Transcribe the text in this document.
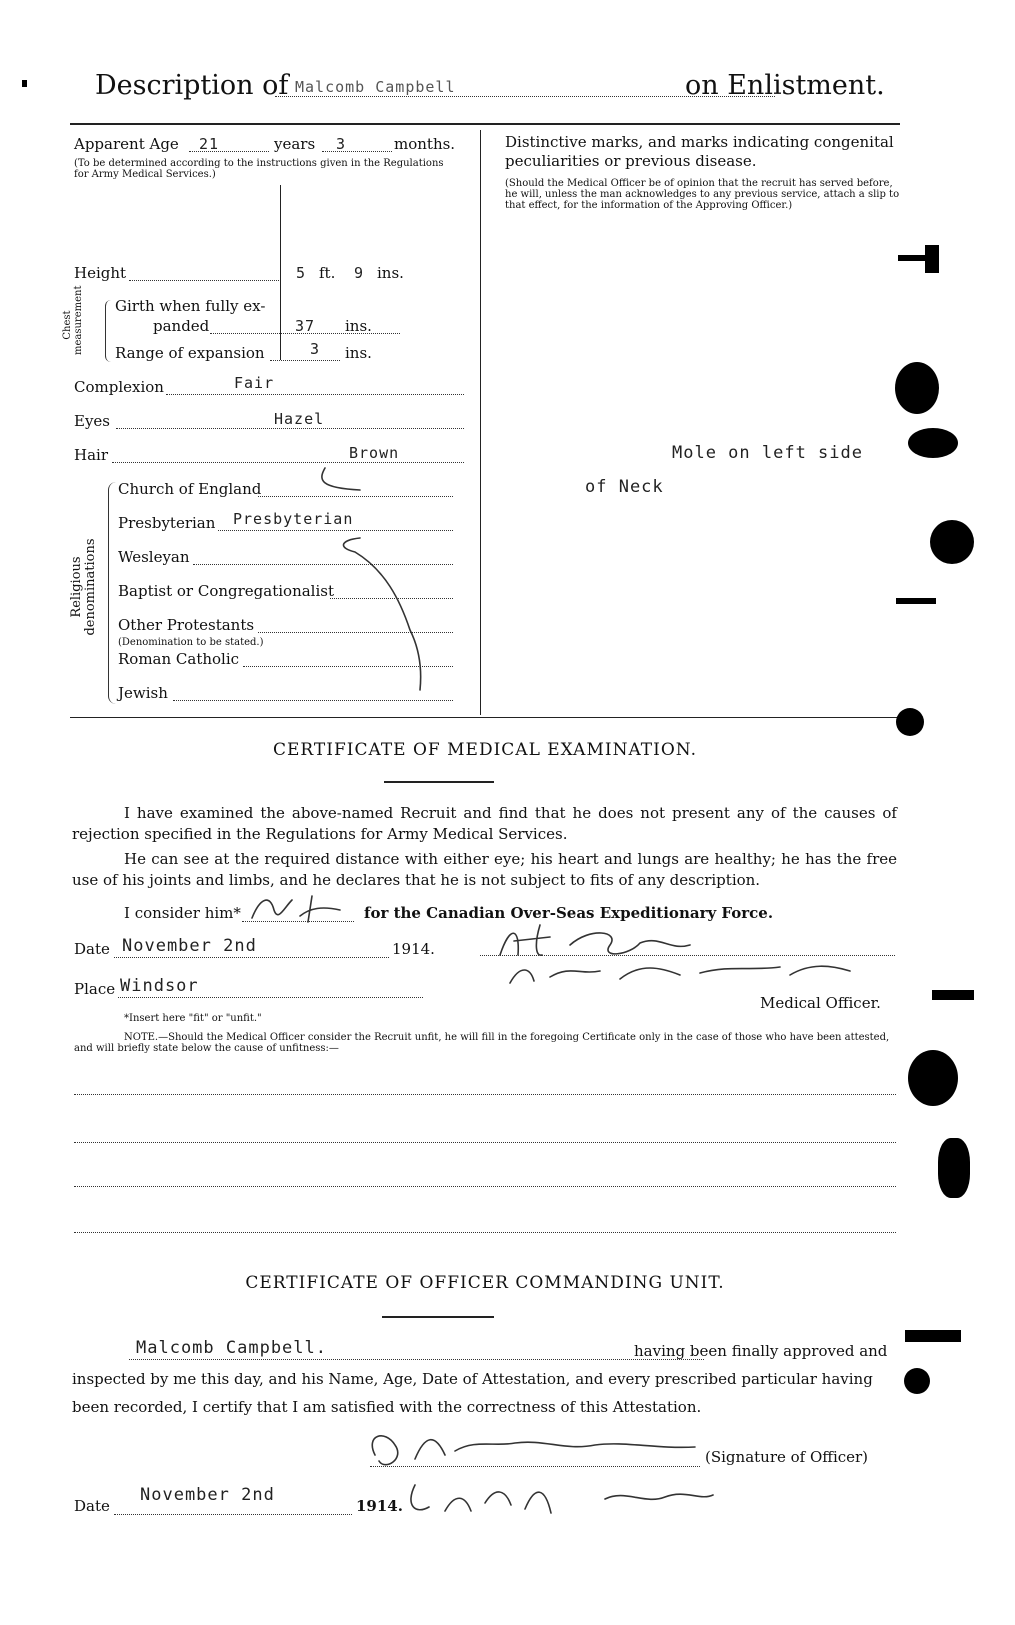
Description of Malcomb Campbell	on Enlistment.
Apparent Age 21	years 3	months.
(To be determined according to the instructions given in the Regulations for Army Medical Services.)
Height	5 ft. 9 ins.
Chest measurement Girth when fully ex-
panded	37 ins.
Range of expansion	3 ins.
Complexion	Fair
Eyes	Hazel
Hair	Brown
Religious denominations
Church of England
Presbyterian Presbyterian
Wesleyan
Baptist or Congregationalist
Other Protestants
(Denomination to be stated.)
Roman Catholic
Jewish
Distinctive marks, and marks indicating congenital peculiarities or previous disease.
(Should the Medical Officer be of opinion that the recruit has served before, he will, unless the man acknowledges to any previous service, attach a slip to that effect, for the information of the Approving Officer.)
Mole on left side
of Neck
CERTIFICATE OF MEDICAL EXAMINATION.
I have examined the above-named Recruit and find that he does not present any of the causes of rejection specified in the Regulations for Army Medical Services.
He can see at the required distance with either eye; his heart and lungs are healthy; he has the free use of his joints and limbs, and he declares that he is not subject to fits of any description.
I consider him*	for the Canadian Over-Seas Expeditionary Force.
Date November 2nd	1914.
Place Windsor
Medical Officer.
*Insert here "fit" or "unfit."
NOTE.—Should the Medical Officer consider the Recruit unfit, he will fill in the foregoing Certificate only in the case of those who have been attested, and will briefly state below the cause of unfitness:—
CERTIFICATE OF OFFICER COMMANDING UNIT.
Malcomb Campbell.	having been finally approved and
inspected by me this day, and his Name, Age, Date of Attestation, and every prescribed particular having
been recorded, I certify that I am satisfied with the correctness of this Attestation.
(Signature of Officer)
Date
November 2nd
1914.
